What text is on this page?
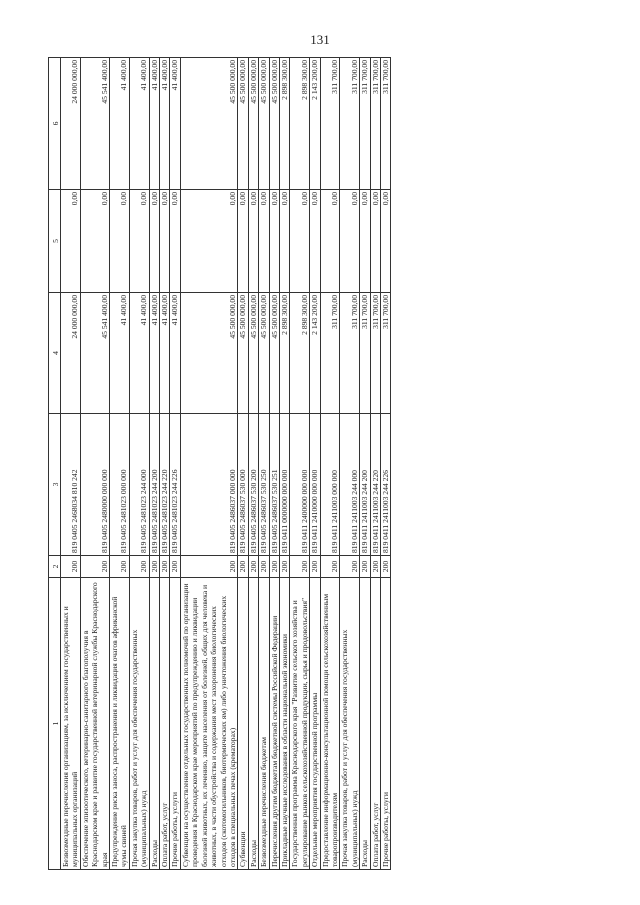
131
1	2	3	4	5	6
Безвозмездные перечисления организациям, за исключением государственных и муниципальных организаций	200	819 0405 2468034 810 242	24 000 000,00	0,00	24 000 000,00
Обеспечение эпизоотического, ветеринарно-санитарного благополучия в Краснодарском крае и развитие государственной ветеринарной службы Краснодарского края	200	819 0405 2480000 000 000	45 541 400,00	0,00	45 541 400,00
Предупреждение риска заноса, распространения и ликвидация очагов африканской чумы свиней	200	819 0405 2481023 000 000	41 400,00	0,00	41 400,00
Прочая закупка товаров, работ и услуг для обеспечения государственных (муниципальных) нужд	200	819 0405 2481023 244 000	41 400,00	0,00	41 400,00
Расходы	200	819 0405 2481023 244 200	41 400,00	0,00	41 400,00
Оплата работ, услуг	200	819 0405 2481023 244 220	41 400,00	0,00	41 400,00
Прочие работы, услуги	200	819 0405 2481023 244 226	41 400,00	0,00	41 400,00
Субвенции на осуществление отдельных государственных полномочий по организации проведения в Краснодарском крае мероприятий по предупреждению и ликвидации болезней животных, их лечению, защите населения от болезней, общих для человека и животных, в части обустройства и содержания мест захоронения биологических отходов (скотомогильников, биотермических ям) либо уничтожения биологических отходов в специальных печах (крематорах)	200	819 0405 2486037 000 000	45 500 000,00	0,00	45 500 000,00
Субвенции	200	819 0405 2486037 530 000	45 500 000,00	0,00	45 500 000,00
Расходы	200	819 0405 2486037 530 200	45 500 000,00	0,00	45 500 000,00
Безвозмездные перечисления бюджетам	200	819 0405 2486037 530 250	45 500 000,00	0,00	45 500 000,00
Перечисления другим бюджетам бюджетной системы Российской Федерации	200	819 0405 2486037 530 251	45 500 000,00	0,00	45 500 000,00
Прикладные научные исследования в области национальной экономики	200	819 0411 0000000 000 000	2 898 300,00	0,00	2 898 300,00
Государственная программа Краснодарского края "Развитие сельского хозяйства и регулирование рынков сельскохозяйственной продукции, сырья и продовольствия"	200	819 0411 2400000 000 000	2 898 300,00	0,00	2 898 300,00
Отдельные мероприятия государственной программы	200	819 0411 2410000 000 000	2 143 200,00	0,00	2 143 200,00
Предоставление информационно-консультационной помощи сельскохозяйственным товаропроизводителям	200	819 0411 2411003 000 000	311 700,00	0,00	311 700,00
Прочая закупка товаров, работ и услуг для обеспечения государственных (муниципальных) нужд	200	819 0411 2411003 244 000	311 700,00	0,00	311 700,00
Расходы	200	819 0411 2411003 244 200	311 700,00	0,00	311 700,00
Оплата работ, услуг	200	819 0411 2411003 244 220	311 700,00	0,00	311 700,00
Прочие работы, услуги	200	819 0411 2411003 244 226	311 700,00	0,00	311 700,00
